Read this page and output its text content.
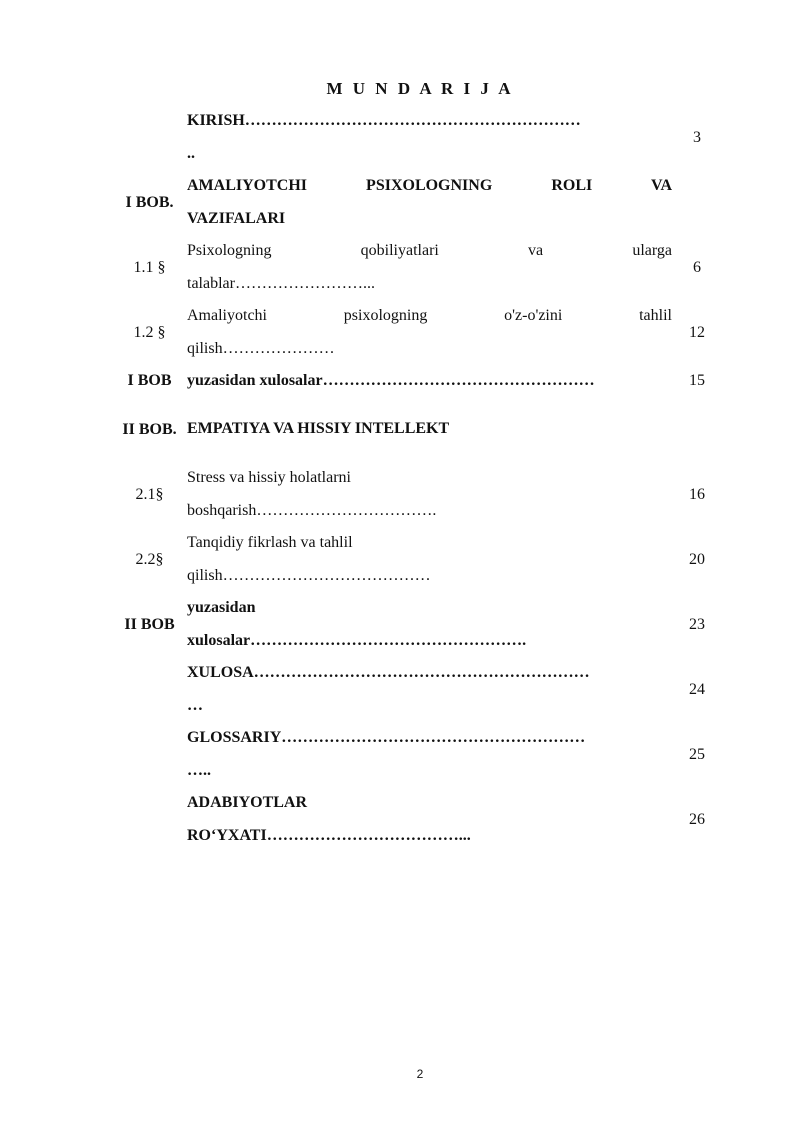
M U N D A R I J A
KIRISH………………………………………………………
..
3
I BOB.
AMALIYOTCHI PSIXOLOGNING ROLI VA
VAZIFALARI
1.1 §
Psixologning qobiliyatlari va ularga
talablar……………………...
6
1.2 §
Amaliyotchi psixologning o'z-o'zini tahlil
qilish…………………
12
I BOB yuzasidan xulosalar……………………………………………	15
II BOB. EMPATIYA VA HISSIY INTELLEKT
2.1§
Stress va hissiy holatlarni
boshqarish…………………………….
16
2.2§
Tanqidiy fikrlash va tahlil
qilish…………………………………
20
II BOB
yuzasidan
xulosalar…………………………………………….
23
XULOSA………………………………………………………
…
24
GLOSSARIY…………………………………………………
…..
25
ADABIYOTLAR
RO‘YXATI………………………………...
26
2
